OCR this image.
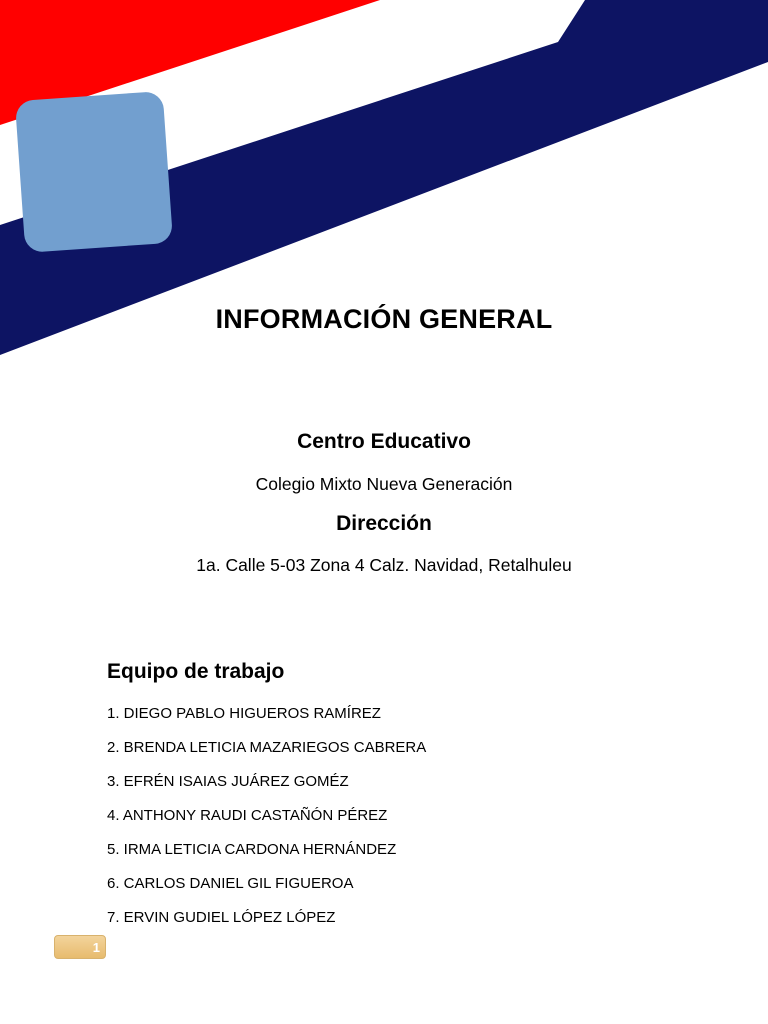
INFORMACIÓN GENERAL
Centro Educativo
Colegio Mixto Nueva Generación
Dirección
1a. Calle 5-03 Zona 4 Calz. Navidad, Retalhuleu
Equipo de trabajo
1. DIEGO PABLO HIGUEROS RAMÍREZ
2. BRENDA LETICIA MAZARIEGOS CABRERA
3. EFRÉN ISAIAS JUÁREZ GOMÉZ
4. ANTHONY RAUDI CASTAÑÓN PÉREZ
5. IRMA LETICIA CARDONA HERNÁNDEZ
6. CARLOS DANIEL GIL FIGUEROA
7. ERVIN GUDIEL LÓPEZ LÓPEZ
1
